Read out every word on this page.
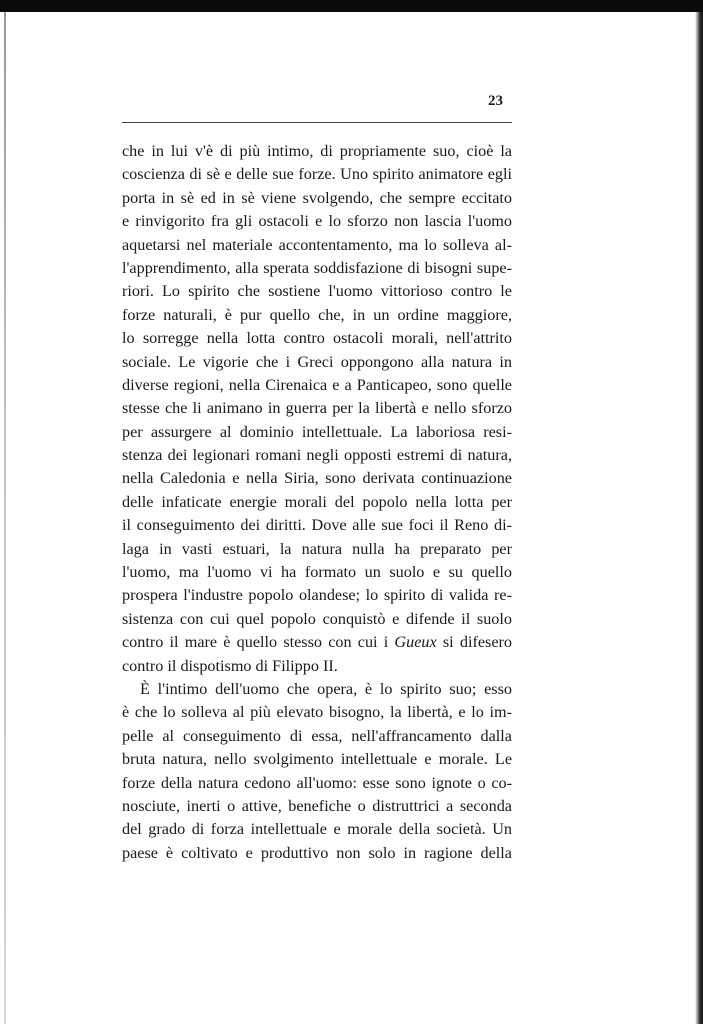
23
che in lui v'è di più intimo, di propriamente suo, cioè la
coscienza di sè e delle sue forze. Uno spirito animatore egli
porta in sè ed in sè viene svolgendo, che sempre eccitato
e rinvigorito fra gli ostacoli e lo sforzo non lascia l'uomo
aquetarsi nel materiale accontentamento, ma lo solleva al-
l'apprendimento, alla sperata soddisfazione di bisogni supe-
riori. Lo spirito che sostiene l'uomo vittorioso contro le
forze naturali, è pur quello che, in un ordine maggiore,
lo sorregge nella lotta contro ostacoli morali, nell'attrito
sociale. Le vigorie che i Greci oppongono alla natura in
diverse regioni, nella Cirenaica e a Panticapeo, sono quelle
stesse che li animano in guerra per la libertà e nello sforzo
per assurgere al dominio intellettuale. La laboriosa resi-
stenza dei legionari romani negli opposti estremi di natura,
nella Caledonia e nella Siria, sono derivata continuazione
delle infaticate energie morali del popolo nella lotta per
il conseguimento dei diritti. Dove alle sue foci il Reno di-
laga in vasti estuari, la natura nulla ha preparato per
l'uomo, ma l'uomo vi ha formato un suolo e su quello
prospera l'industre popolo olandese; lo spirito di valida re-
sistenza con cui quel popolo conquistò e difende il suolo
contro il mare è quello stesso con cui i Gueux si difesero
contro il dispotismo di Filippo II.
È l'intimo dell'uomo che opera, è lo spirito suo; esso
è che lo solleva al più elevato bisogno, la libertà, e lo im-
pelle al conseguimento di essa, nell'affrancamento dalla
bruta natura, nello svolgimento intellettuale e morale. Le
forze della natura cedono all'uomo: esse sono ignote o co-
nosciute, inerti o attive, benefiche o distruttrici a seconda
del grado di forza intellettuale e morale della società. Un
paese è coltivato e produttivo non solo in ragione della
